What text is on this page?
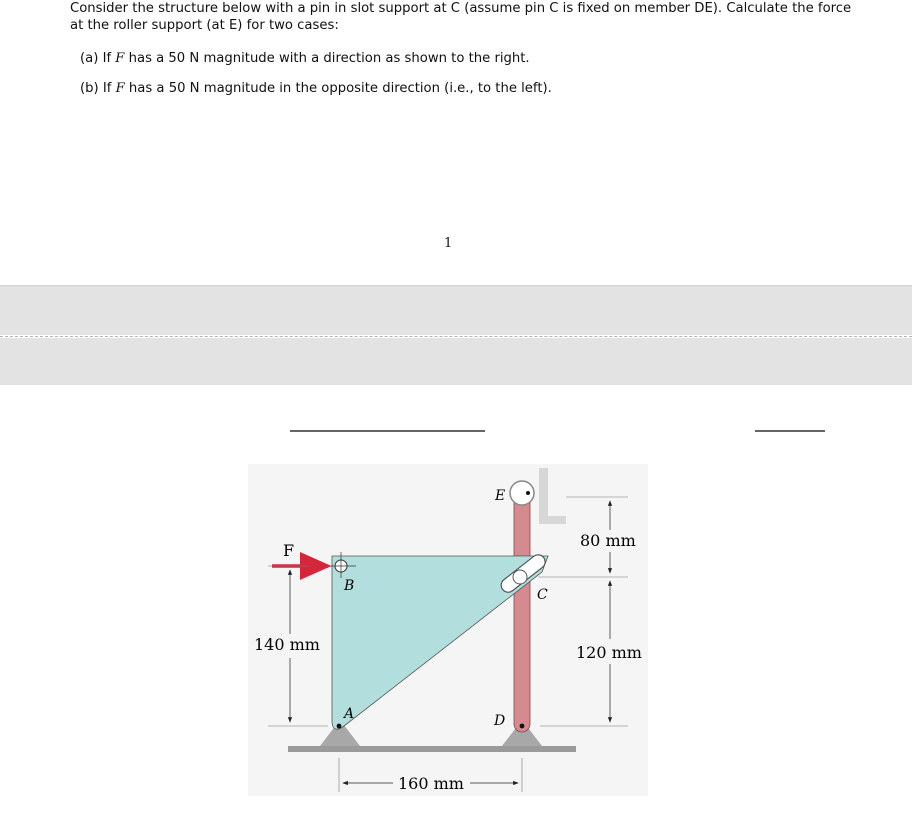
Consider the structure below with a pin in slot support at C (assume pin C is fixed on member DE). Calculate the force at the roller support (at E) for two cases:
(a) If F has a 50 N magnitude with a direction as shown to the right.
(b) If F has a 50 N magnitude in the opposite direction (i.e., to the left).
1
F
B
A
E
D
C
140 mm
160 mm
80 mm
120 mm
